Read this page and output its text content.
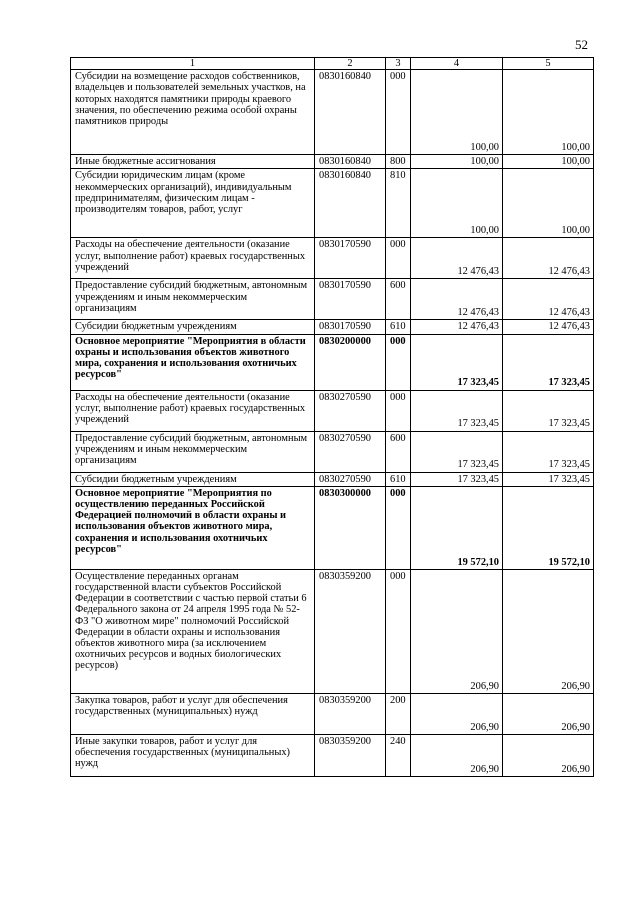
52
1	2	3	4	5
Субсидии на возмещение расходов собственников, владельцев и пользователей земельных участков, на которых находятся памятники природы краевого значения, по обеспечению режима особой охраны памятников природы	0830160840	000	100,00	100,00
Иные бюджетные ассигнования	0830160840	800	100,00	100,00
Субсидии юридическим лицам (кроме некоммерческих организаций), индивидуальным предпринимателям, физическим лицам - производителям товаров, работ, услуг	0830160840	810	100,00	100,00
Расходы на обеспечение деятельности (оказание услуг, выполнение работ) краевых государственных учреждений	0830170590	000	12 476,43	12 476,43
Предоставление субсидий бюджетным, автономным учреждениям и иным некоммерческим организациям	0830170590	600	12 476,43	12 476,43
Субсидии бюджетным учреждениям	0830170590	610	12 476,43	12 476,43
Основное мероприятие "Мероприятия в области охраны и использования объектов животного мира, сохранения и использования охотничьих ресурсов"	0830200000	000	17 323,45	17 323,45
Расходы на обеспечение деятельности (оказание услуг, выполнение работ) краевых государственных учреждений	0830270590	000	17 323,45	17 323,45
Предоставление субсидий бюджетным, автономным учреждениям и иным некоммерческим организациям	0830270590	600	17 323,45	17 323,45
Субсидии бюджетным учреждениям	0830270590	610	17 323,45	17 323,45
Основное мероприятие "Мероприятия по осуществлению переданных Российской Федерацией полномочий в области охраны и использования объектов животного мира, сохранения и использования охотничьих ресурсов"	0830300000	000	19 572,10	19 572,10
Осуществление переданных органам государственной власти субъектов Российской Федерации в соответствии с частью первой статьи 6 Федерального закона от 24 апреля 1995 года № 52-ФЗ "О животном мире" полномочий Российской Федерации в области охраны и использования объектов животного мира (за исключением охотничьих ресурсов и водных биологических ресурсов)	0830359200	000	206,90	206,90
Закупка товаров, работ и услуг для обеспечения государственных (муниципальных) нужд	0830359200	200	206,90	206,90
Иные закупки товаров, работ и услуг для обеспечения государственных (муниципальных) нужд	0830359200	240	206,90	206,90
